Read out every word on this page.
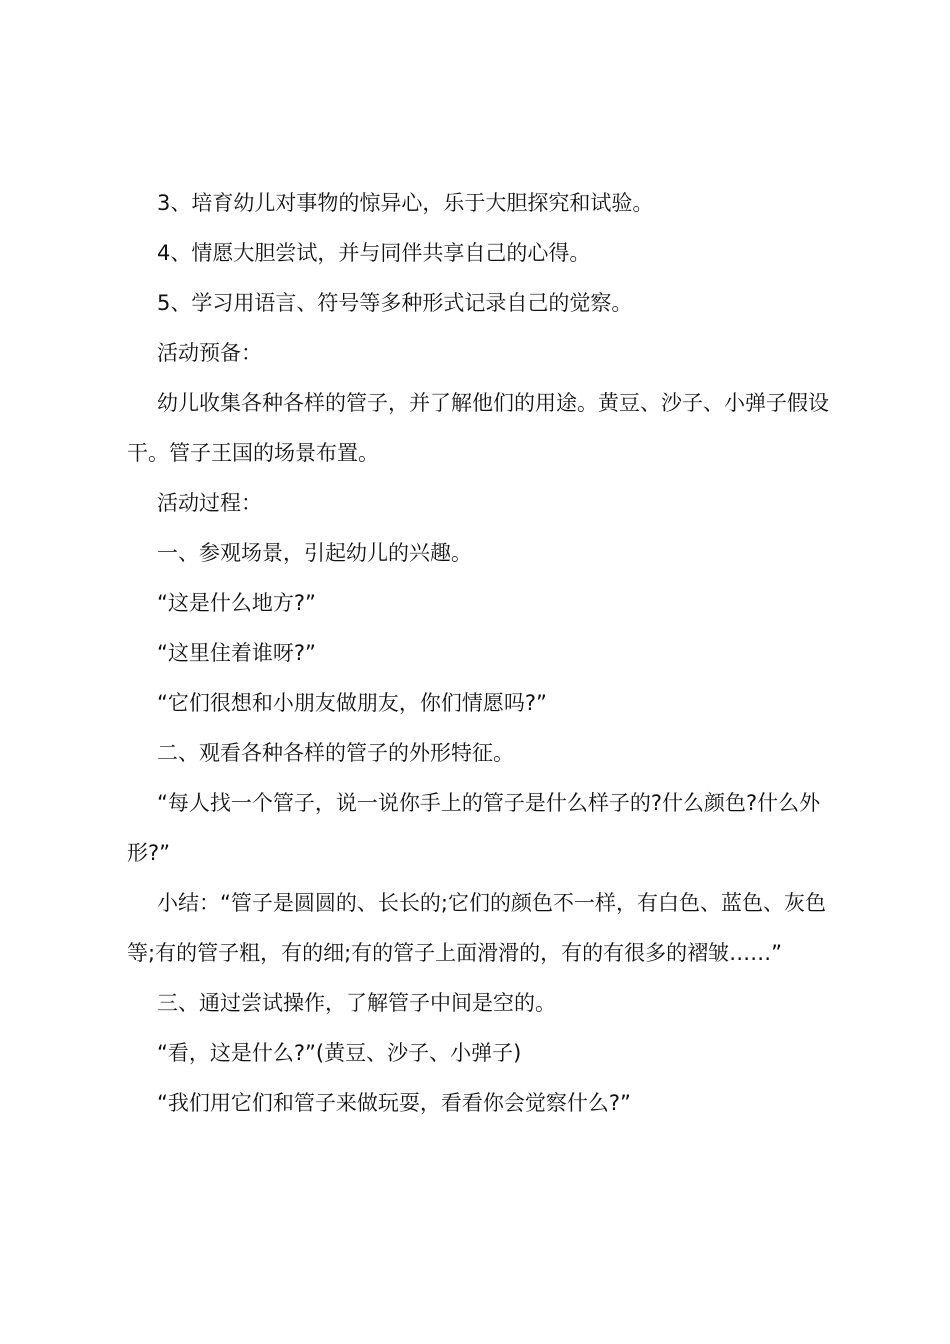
3、培育幼儿对事物的惊异心，乐于大胆探究和试验。

4、情愿大胆尝试，并与同伴共享自己的心得。

5、学习用语言、符号等多种形式记录自己的觉察。

活动预备：

幼儿收集各种各样的管子，并了解他们的用途。黄豆、沙子、小弹子假设干。管子王国的场景布置。

活动过程：

一、参观场景，引起幼儿的兴趣。

“这是什么地方?”

“这里住着谁呀?”

“它们很想和小朋友做朋友，你们情愿吗?”

二、观看各种各样的管子的外形特征。

“每人找一个管子，说一说你手上的管子是什么样子的?什么颜色?什么外形?”

小结：“管子是圆圆的、长长的;它们的颜色不一样，有白色、蓝色、灰色等;有的管子粗，有的细;有的管子上面滑滑的，有的有很多的褶皱……”

三、通过尝试操作，了解管子中间是空的。

“看，这是什么?”(黄豆、沙子、小弹子)

“我们用它们和管子来做玩耍，看看你会觉察什么?”
